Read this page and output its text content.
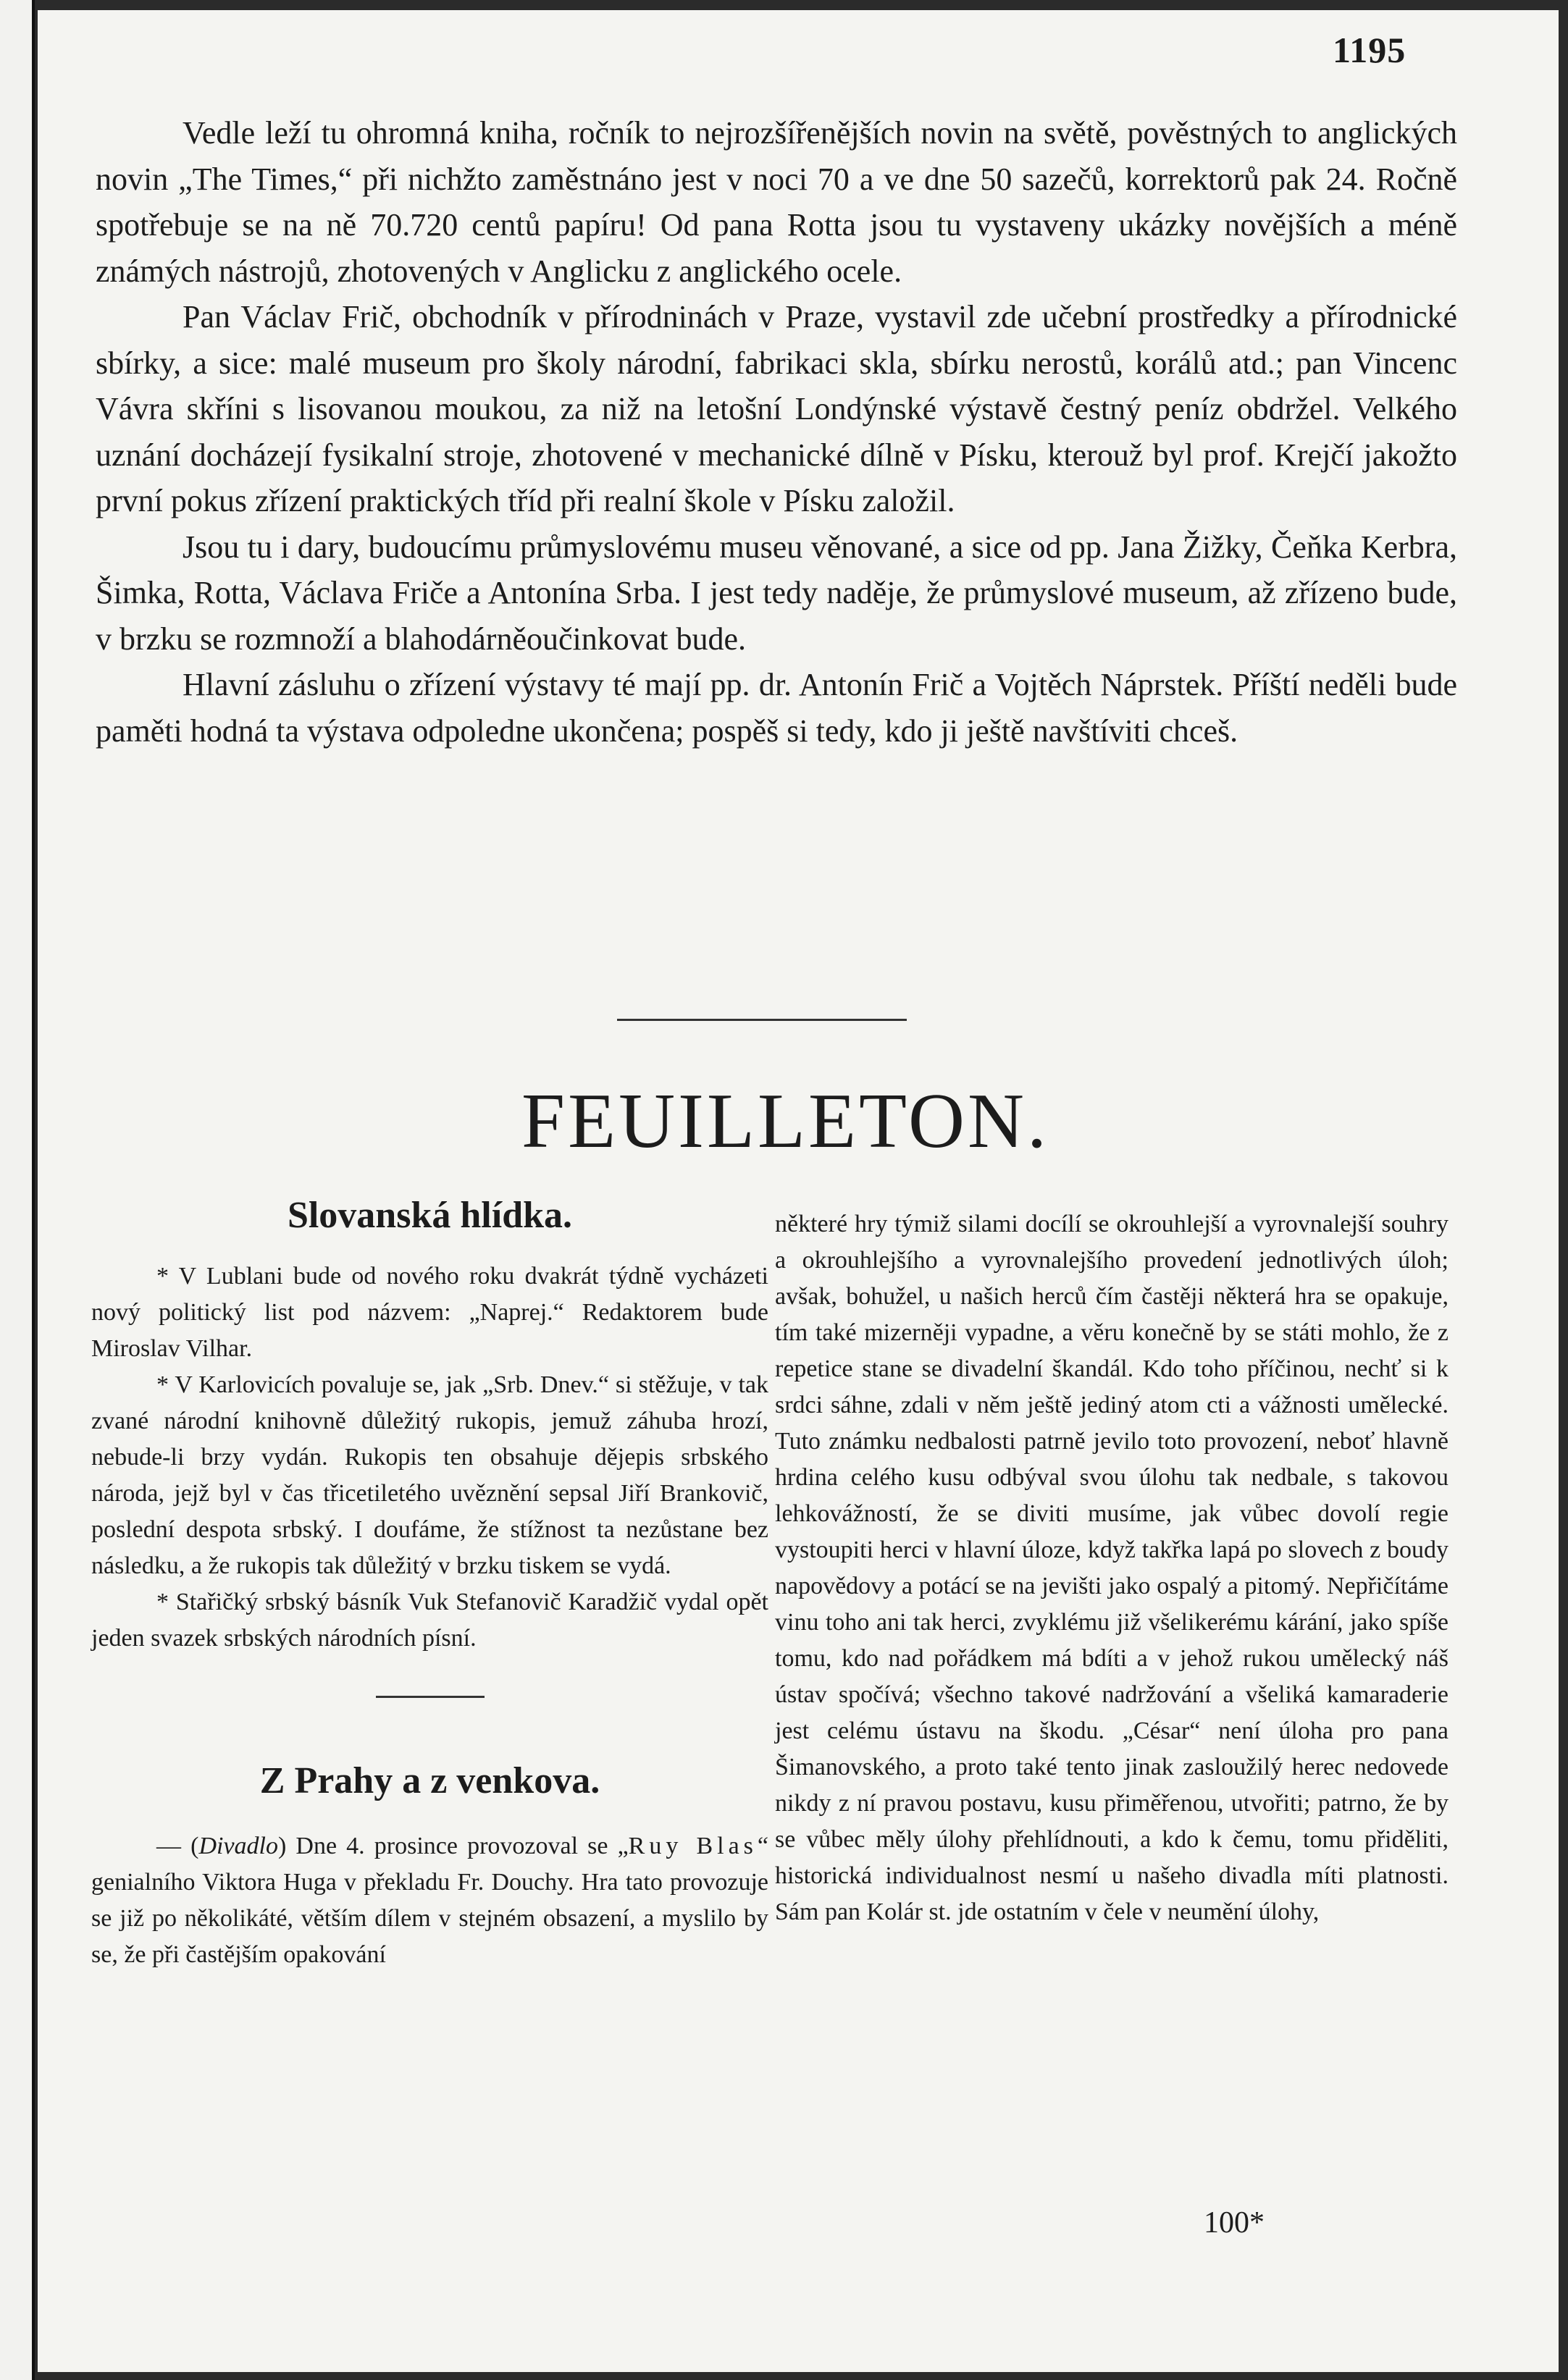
1195

Vedle leží tu ohromná kniha, ročník to nejrozšířenějších novin na světě, pověstných to anglických novin „The Times,“ při nichžto zaměstnáno jest v noci 70 a ve dne 50 sazečů, korrektorů pak 24. Ročně spotřebuje se na ně 70.720 centů papíru! Od pana Rotta jsou tu vystaveny ukázky novějších a méně známých nástrojů, zhotovených v Anglicku z anglického ocele.

Pan Václav Frič, obchodník v přírodninách v Praze, vystavil zde učební prostředky a přírodnické sbírky, a sice: malé museum pro školy národní, fabrikaci skla, sbírku nerostů, korálů atd.; pan Vincenc Vávra skříni s lisovanou moukou, za niž na letošní Londýnské výstavě čestný peníz obdržel. Velkého uznání docházejí fysikalní stroje, zhotovené v mechanické dílně v Písku, kterouž byl prof. Krejčí jakožto první pokus zřízení praktických tříd při realní škole v Písku založil.

Jsou tu i dary, budoucímu průmyslovému museu věnované, a sice od pp. Jana Žižky, Čeňka Kerbra, Šimka, Rotta, Václava Friče a Antonína Srba. I jest tedy naděje, že průmyslové museum, až zřízeno bude, v brzku se rozmnoží a blahodárněoučinkovat bude.

Hlavní zásluhu o zřízení výstavy té mají pp. dr. Antonín Frič a Vojtěch Náprstek. Příští neděli bude paměti hodná ta výstava odpoledne ukončena; pospěš si tedy, kdo ji ještě navštíviti chceš.

FEUILLETON.
Slovanská hlídka.

* V Lublani bude od nového roku dvakrát týdně vycházeti nový politický list pod názvem: „Naprej.“ Redaktorem bude Miroslav Vilhar.

* V Karlovicích povaluje se, jak „Srb. Dnev.“ si stěžuje, v tak zvané národní knihovně důležitý rukopis, jemuž záhuba hrozí, nebude-li brzy vydán. Rukopis ten obsahuje dějepis srbského národa, jejž byl v čas třicetiletého uvěznění sepsal Jiří Brankovič, poslední despota srbský. I doufáme, že stížnost ta nezůstane bez následku, a že rukopis tak důležitý v brzku tiskem se vydá.

* Stařičký srbský básník Vuk Stefanovič Karadžič vydal opět jeden svazek srbských národních písní.

Z Prahy a z venkova.

— (Divadlo) Dne 4. prosince provozoval se „Ruy Blas“ genialního Viktora Huga v překladu Fr. Douchy. Hra tato provozuje se již po několikáté, větším dílem v stejném obsazení, a myslilo by se, že při častějším opakování

některé hry týmiž silami docílí se okrouhlejší a vyrovnalejší souhry a okrouhlejšího a vyrovnalejšího provedení jednotlivých úloh; avšak, bohužel, u našich herců čím častěji některá hra se opakuje, tím také mizerněji vypadne, a věru konečně by se státi mohlo, že z repetice stane se divadelní škandál. Kdo toho příčinou, nechť si k srdci sáhne, zdali v něm ještě jediný atom cti a vážnosti umělecké. Tuto známku nedbalosti patrně jevilo toto provození, neboť hlavně hrdina celého kusu odbýval svou úlohu tak nedbale, s takovou lehkovážností, že se diviti musíme, jak vůbec dovolí regie vystoupiti herci v hlavní úloze, když takřka lapá po slovech z boudy napovědovy a potácí se na jevišti jako ospalý a pitomý. Nepřičítáme vinu toho ani tak herci, zvyklému již všelikerému kárání, jako spíše tomu, kdo nad pořádkem má bdíti a v jehož rukou umělecký náš ústav spočívá; všechno takové nadržování a všeliká kamaraderie jest celému ústavu na škodu. „César“ není úloha pro pana Šimanovského, a proto také tento jinak zasloužilý herec nedovede nikdy z ní pravou postavu, kusu přiměřenou, utvořiti; patrno, že by se vůbec měly úlohy přehlídnouti, a kdo k čemu, tomu přiděliti, historická individualnost nesmí u našeho divadla míti platnosti. Sám pan Kolár st. jde ostatním v čele v neumění úlohy,

100*
